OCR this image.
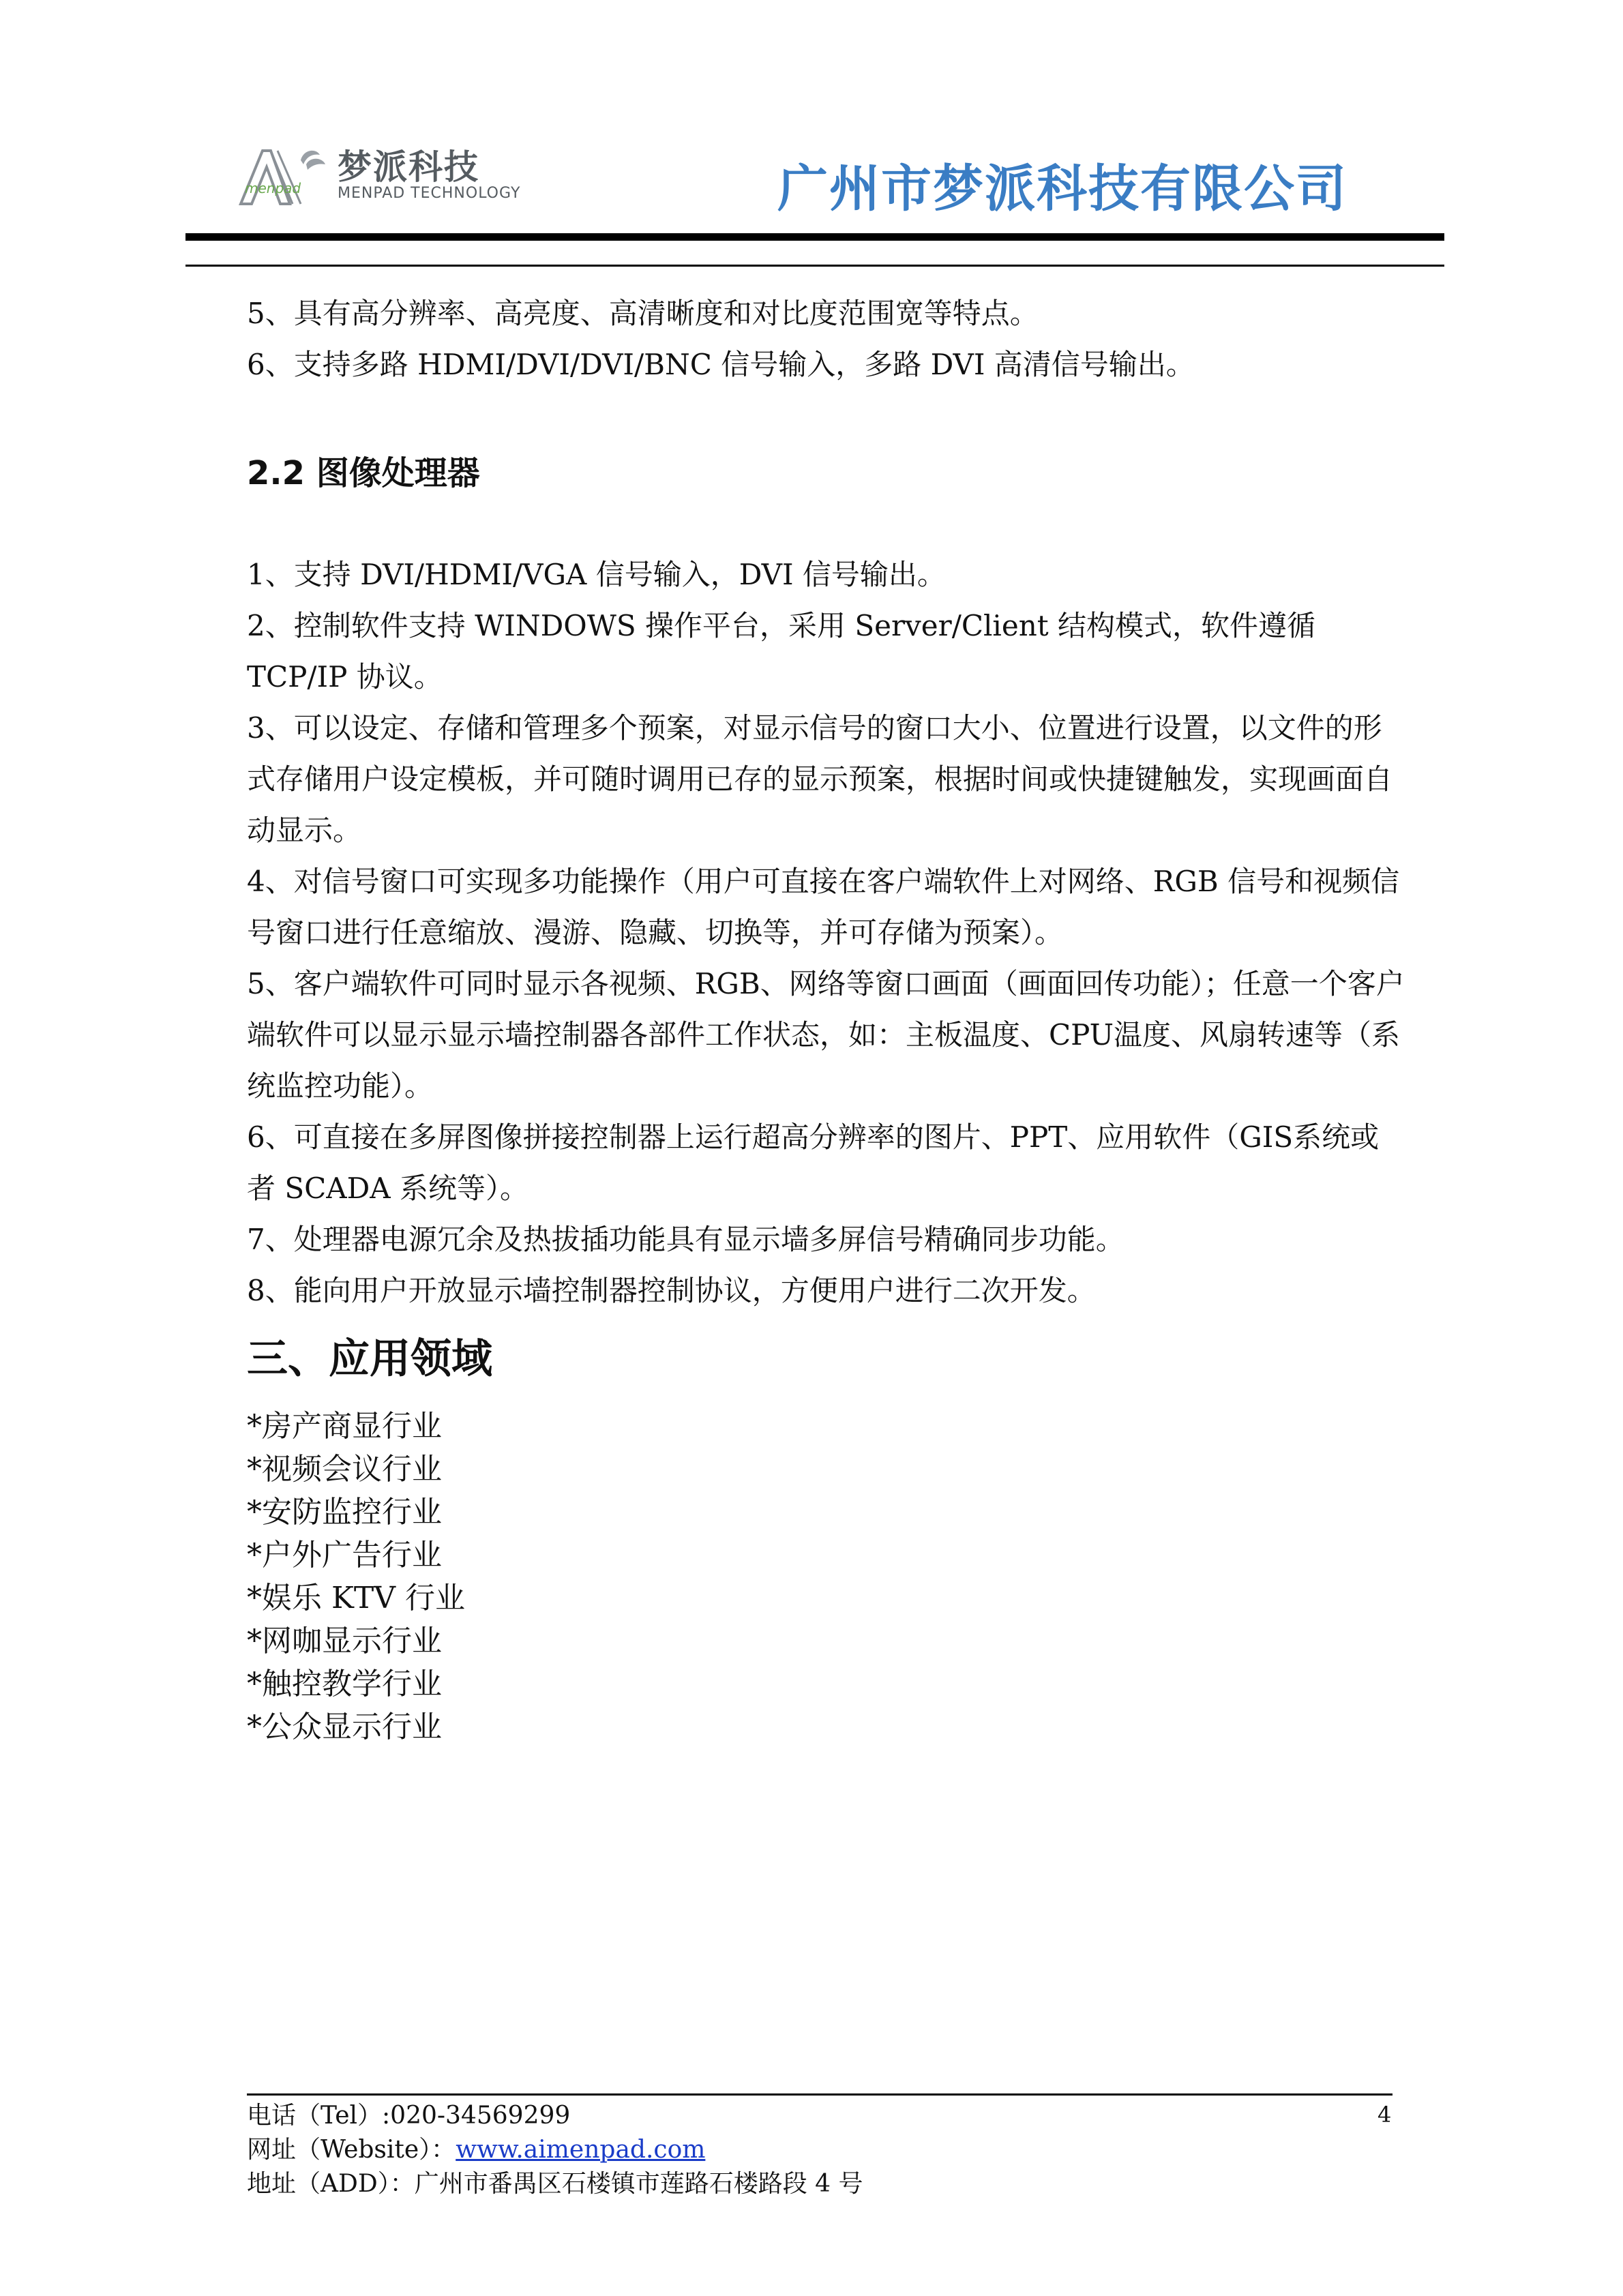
menpad
梦派科技
MENPAD TECHNOLOGY	广州市梦派科技有限公司
5、具有高分辨率、高亮度、高清晰度和对比度范围宽等特点。
6、支持多路 HDMI/DVI/DVI/BNC 信号输入，多路 DVI 高清信号输出。
2.2 图像处理器
1、支持 DVI/HDMI/VGA 信号输入，DVI 信号输出。
2、控制软件支持 WINDOWS 操作平台，采用 Server/Client 结构模式，软件遵循TCP/IP 协议。
3、可以设定、存储和管理多个预案，对显示信号的窗口大小、位置进行设置，以文件的形式存储用户设定模板，并可随时调用已存的显示预案，根据时间或快捷键触发，实现画面自动显示。
4、对信号窗口可实现多功能操作（用户可直接在客户端软件上对网络、RGB 信号和视频信号窗口进行任意缩放、漫游、隐藏、切换等，并可存储为预案）。
5、客户端软件可同时显示各视频、RGB、网络等窗口画面（画面回传功能）；任意一个客户端软件可以显示显示墙控制器各部件工作状态，如：主板温度、CPU温度、风扇转速等（系统监控功能）。
6、可直接在多屏图像拼接控制器上运行超高分辨率的图片、PPT、应用软件（GIS系统或者 SCADA 系统等）。
7、处理器电源冗余及热拔插功能具有显示墙多屏信号精确同步功能。
8、能向用户开放显示墙控制器控制协议，方便用户进行二次开发。
三、应用领域
*房产商显行业
*视频会议行业
*安防监控行业
*户外广告行业
*娱乐 KTV 行业
*网咖显示行业
*触控教学行业
*公众显示行业
电话（Tel）:020-34569299
网址（Website）：www.aimenpad.com
地址（ADD）：广州市番禺区石楼镇市莲路石楼路段 4 号
4
